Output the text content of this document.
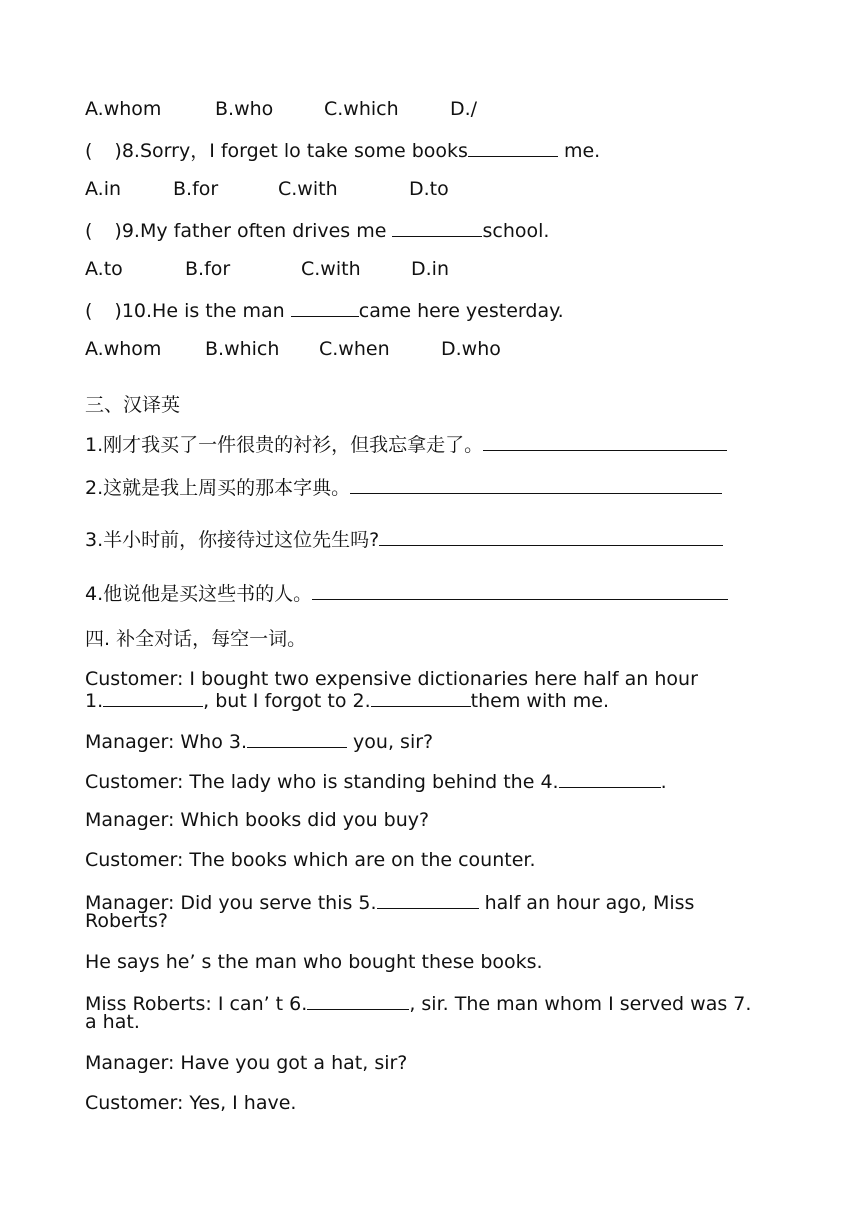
A.whom	B.who	C.which	D./
( )8.Sorry，I forget lo take some books	me.
A.in	B.for	C.with	D.to
( )9.My father often drives me	school.
A.to	B.for	C.with	D.in
( )10.He is the man	came here yesterday.
A.whom B.which C.when	D.who
三、汉译英
1.刚才我买了一件很贵的衬衫，但我忘拿走了。
2.这就是我上周买的那本字典。
3.半小时前，你接待过这位先生吗?
4.他说他是买这些书的人。
四. 补全对话，每空一词。
Customer: I bought two expensive dictionaries here half an hour
1.	, but I forgot to 2.	them with me.
Manager: Who 3.	you, sir?
Customer: The lady who is standing behind the 4.	.
Manager: Which books did you buy?
Customer: The books which are on the counter.
Manager: Did you serve this 5.	half an hour ago, Miss
Roberts?
He says he’ s the man who bought these books.
Miss Roberts: I can’ t 6.	, sir. The man whom I served was 7.
a hat.
Manager: Have you got a hat, sir?
Customer: Yes, I have.
